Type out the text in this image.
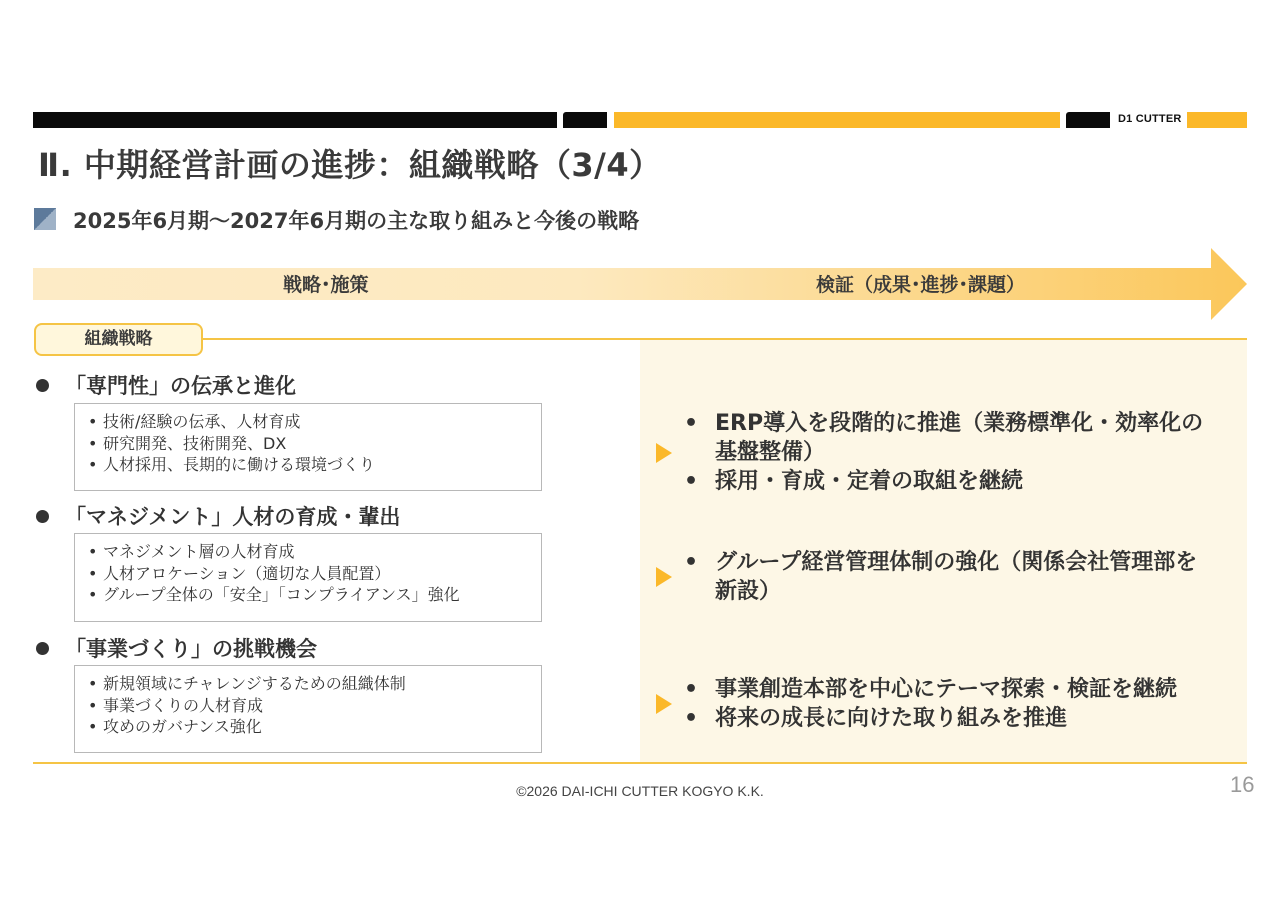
D1 CUTTER
Ⅱ. 中期経営計画の進捗：組織戦略（3/4）
2025年6月期～2027年6月期の主な取り組みと今後の戦略
戦略･施策	検証（成果･進捗･課題）
組織戦略
「専門性」の伝承と進化
• 技術/経験の伝承、人材育成
• 研究開発、技術開発、DX
• 人材採用、長期的に働ける環境づくり
「マネジメント」人材の育成・輩出
• マネジメント層の人材育成
• 人材アロケーション（適切な人員配置）
• グループ全体の「安全」「コンプライアンス」強化
「事業づくり」の挑戦機会
• 新規領域にチャレンジするための組織体制
• 事業づくりの人材育成
• 攻めのガバナンス強化
• ERP導入を段階的に推進（業務標準化・効率化の基盤整備）
• 採用・育成・定着の取組を継続
• グループ経営管理体制の強化（関係会社管理部を新設）
• 事業創造本部を中心にテーマ探索・検証を継続
• 将来の成長に向けた取り組みを推進
©2026 DAI-ICHI CUTTER KOGYO K.K.	16
